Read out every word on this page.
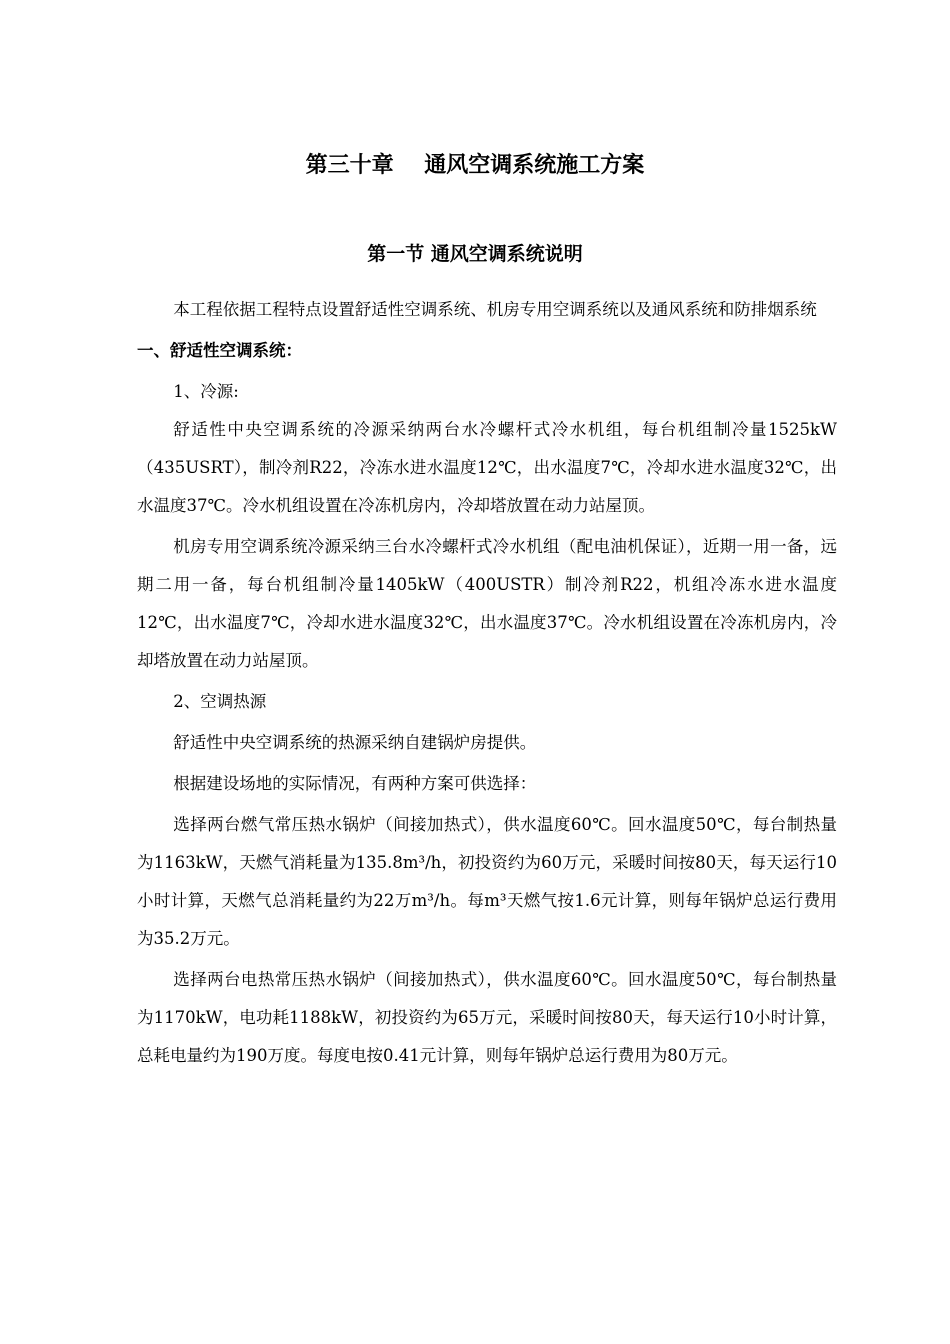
第三十章    通风空调系统施工方案
第一节 通风空调系统说明

本工程依据工程特点设置舒适性空调系统、机房专用空调系统以及通风系统和防排烟系统

一、舒适性空调系统：

1、冷源:

舒适性中央空调系统的冷源采纳两台水冷螺杆式冷水机组，每台机组制冷量1525kW（435USRT），制冷剂R22，冷冻水进水温度12℃，出水温度7℃，冷却水进水温度32℃，出水温度37℃。冷水机组设置在冷冻机房内，冷却塔放置在动力站屋顶。

机房专用空调系统冷源采纳三台水冷螺杆式冷水机组（配电油机保证），近期一用一备，远期二用一备，每台机组制冷量1405kW（400USTR）制冷剂R22，机组冷冻水进水温度12℃，出水温度7℃，冷却水进水温度32℃，出水温度37℃。冷水机组设置在冷冻机房内，冷却塔放置在动力站屋顶。

2、空调热源

舒适性中央空调系统的热源采纳自建锅炉房提供。

根据建设场地的实际情况，有两种方案可供选择：

选择两台燃气常压热水锅炉（间接加热式），供水温度60℃。回水温度50℃，每台制热量为1163kW，天燃气消耗量为135.8m³/h，初投资约为60万元，采暖时间按80天，每天运行10小时计算，天燃气总消耗量约为22万m³/h。每m³天燃气按1.6元计算，则每年锅炉总运行费用为35.2万元。

选择两台电热常压热水锅炉（间接加热式），供水温度60℃。回水温度50℃，每台制热量为1170kW，电功耗1188kW，初投资约为65万元，采暖时间按80天，每天运行10小时计算，总耗电量约为190万度。每度电按0.41元计算，则每年锅炉总运行费用为80万元。
